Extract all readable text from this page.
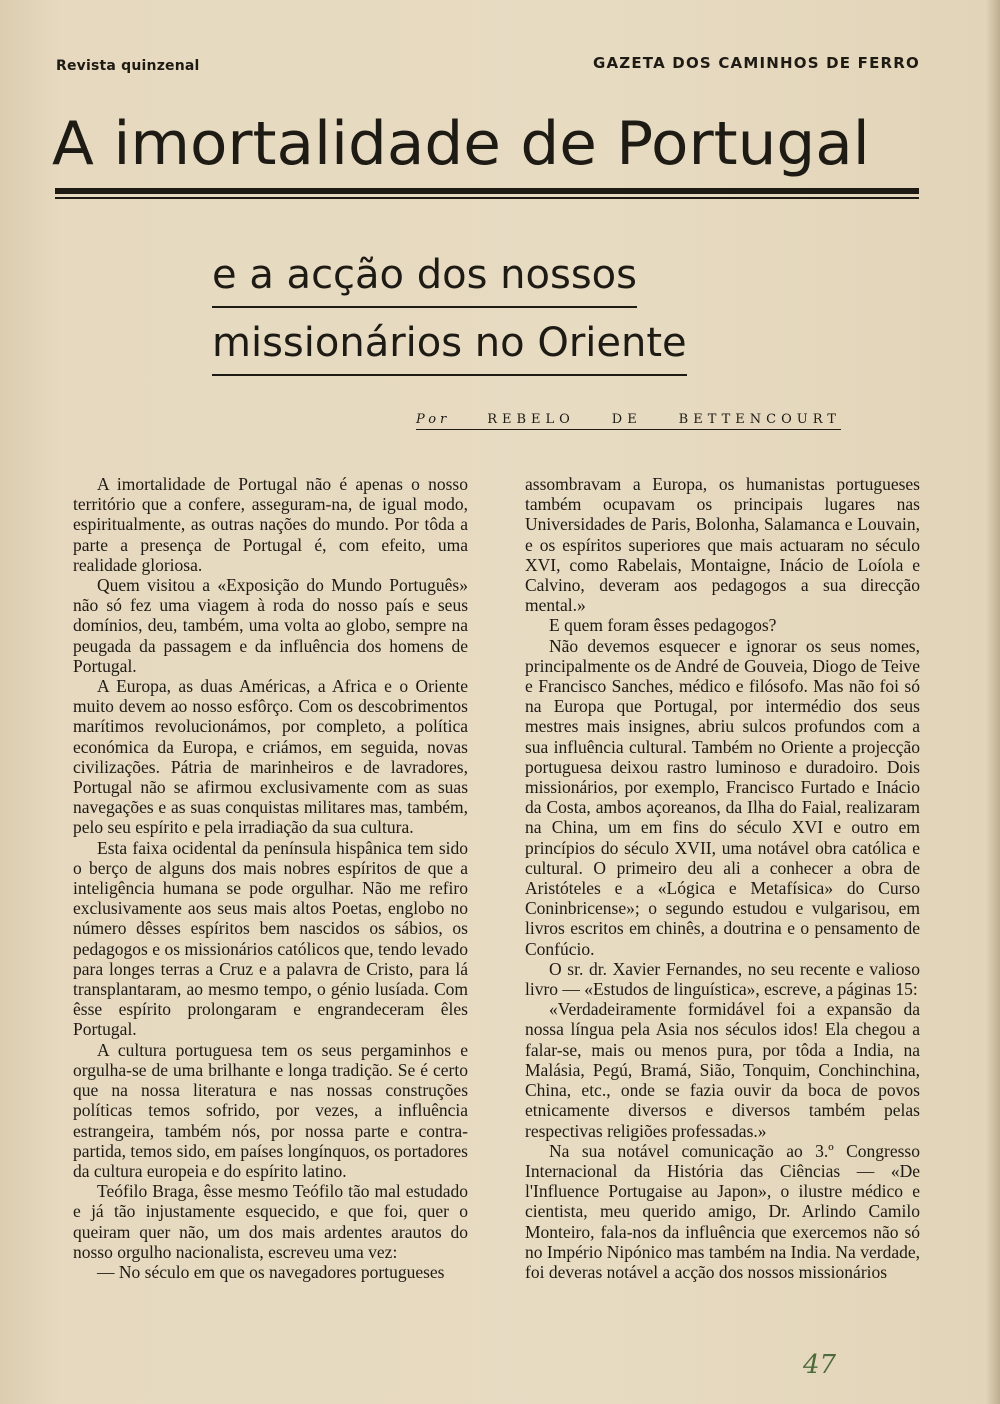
Revista quinzenal	GAZETA DOS CAMINHOS DE FERRO
A imortalidade de Portugal
e a acção dos nossos
missionários no Oriente
Por	REBELO	DE	BETTENCOURT

A imortalidade de Portugal não é apenas o nosso território que a confere, asseguram-na, de igual modo, espiritualmente, as outras nações do mundo. Por tôda a parte a presença de Portugal é, com efeito, uma realidade gloriosa.

Quem visitou a «Exposição do Mundo Português» não só fez uma viagem à roda do nosso país e seus domínios, deu, também, uma volta ao globo, sempre na peugada da passagem e da influência dos homens de Portugal.

A Europa, as duas Américas, a Africa e o Oriente muito devem ao nosso esfôrço. Com os descobrimentos marítimos revolucionámos, por completo, a política económica da Europa, e criámos, em seguida, novas civilizações. Pátria de marinheiros e de lavradores, Portugal não se afirmou exclusivamente com as suas navegações e as suas conquistas militares mas, também, pelo seu espírito e pela irradiação da sua cultura.

Esta faixa ocidental da península hispânica tem sido o berço de alguns dos mais nobres espíritos de que a inteligência humana se pode orgulhar. Não me refiro exclusivamente aos seus mais altos Poetas, englobo no número dêsses espíritos bem nascidos os sábios, os pedagogos e os missionários católicos que, tendo levado para longes terras a Cruz e a palavra de Cristo, para lá transplantaram, ao mesmo tempo, o génio lusíada. Com êsse espírito prolongaram e engrandeceram êles Portugal.

A cultura portuguesa tem os seus pergaminhos e orgulha-se de uma brilhante e longa tradição. Se é certo que na nossa literatura e nas nossas construções políticas temos sofrido, por vezes, a influência estrangeira, também nós, por nossa parte e contra-partida, temos sido, em países longínquos, os portadores da cultura europeia e do espírito latino.

Teófilo Braga, êsse mesmo Teófilo tão mal estudado e já tão injustamente esquecido, e que foi, quer o queiram quer não, um dos mais ardentes arautos do nosso orgulho nacionalista, escreveu uma vez:

— No século em que os navegadores portugueses

assombravam a Europa, os humanistas portugueses também ocupavam os principais lugares nas Universidades de Paris, Bolonha, Salamanca e Louvain, e os espíritos superiores que mais actuaram no século XVI, como Rabelais, Montaigne, Inácio de Loíola e Calvino, deveram aos pedagogos a sua direcção mental.»

E quem foram êsses pedagogos?

Não devemos esquecer e ignorar os seus nomes, principalmente os de André de Gouveia, Diogo de Teive e Francisco Sanches, médico e filósofo. Mas não foi só na Europa que Portugal, por intermédio dos seus mestres mais insignes, abriu sulcos profundos com a sua influência cultural. Também no Oriente a projecção portuguesa deixou rastro luminoso e duradoiro. Dois missionários, por exemplo, Francisco Furtado e Inácio da Costa, ambos açoreanos, da Ilha do Faial, realizaram na China, um em fins do século XVI e outro em princípios do século XVII, uma notável obra católica e cultural. O primeiro deu ali a conhecer a obra de Aristóteles e a «Lógica e Metafísica» do Curso Coninbricense»; o segundo estudou e vulgarisou, em livros escritos em chinês, a doutrina e o pensamento de Confúcio.

O sr. dr. Xavier Fernandes, no seu recente e valioso livro — «Estudos de linguística», escreve, a páginas 15:

«Verdadeiramente formidável foi a expansão da nossa língua pela Asia nos séculos idos! Ela chegou a falar-se, mais ou menos pura, por tôda a India, na Malásia, Pegú, Bramá, Sião, Tonquim, Conchinchina, China, etc., onde se fazia ouvir da boca de povos etnicamente diversos e diversos também pelas respectivas religiões professadas.»

Na sua notável comunicação ao 3.º Congresso Internacional da História das Ciências — «De l'Influence Portugaise au Japon», o ilustre médico e cientista, meu querido amigo, Dr. Arlindo Camilo Monteiro, fala-nos da influência que exercemos não só no Império Nipónico mas também na India. Na verdade, foi deveras notável a acção dos nossos missionários

47
